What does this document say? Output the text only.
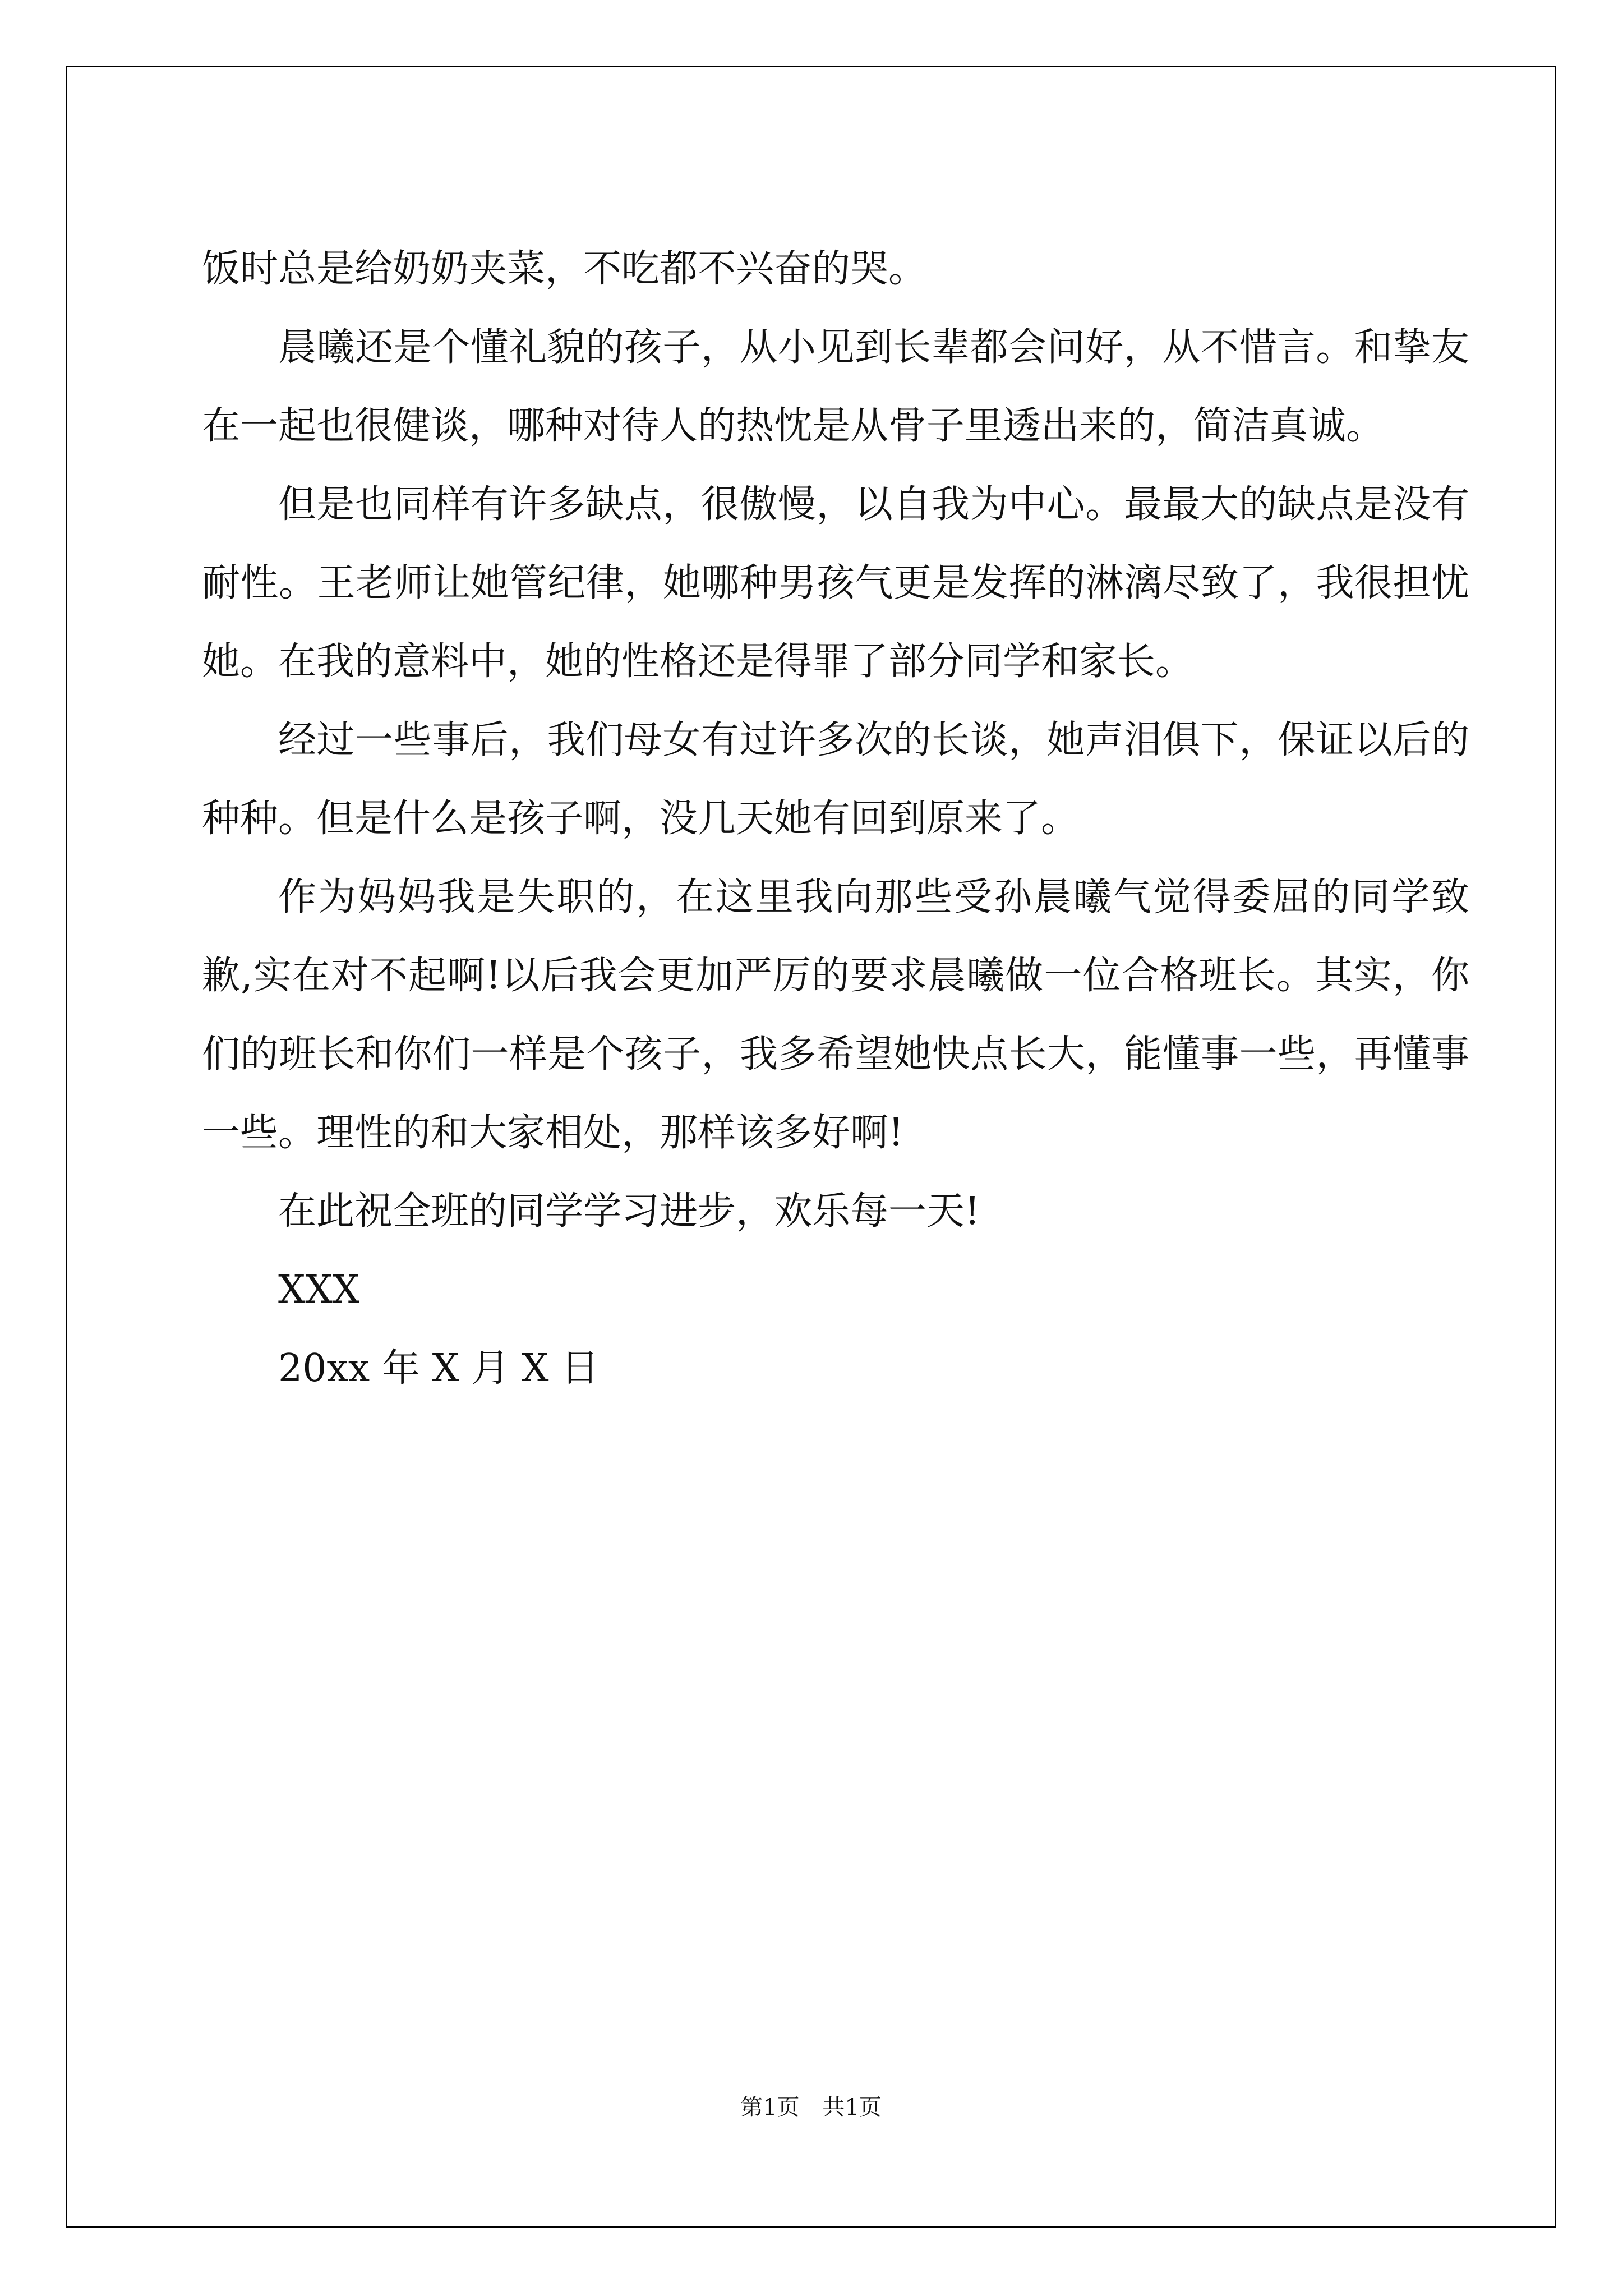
饭时总是给奶奶夹菜，不吃都不兴奋的哭。

晨曦还是个懂礼貌的孩子，从小见到长辈都会问好，从不惜言。和挚友在一起也很健谈，哪种对待人的热忱是从骨子里透出来的，简洁真诚。

但是也同样有许多缺点，很傲慢，以自我为中心。最最大的缺点是没有耐性。王老师让她管纪律，她哪种男孩气更是发挥的淋漓尽致了，我很担忧她。在我的意料中，她的性格还是得罪了部分同学和家长。

经过一些事后，我们母女有过许多次的长谈，她声泪俱下，保证以后的种种。但是什么是孩子啊，没几天她有回到原来了。

作为妈妈我是失职的，在这里我向那些受孙晨曦气觉得委屈的同学致歉,实在对不起啊!以后我会更加严厉的要求晨曦做一位合格班长。其实，你们的班长和你们一样是个孩子，我多希望她快点长大，能懂事一些，再懂事一些。理性的和大家相处，那样该多好啊!

在此祝全班的同学学习进步，欢乐每一天!

XXX

20xx 年 X 月 X 日

第1页 共1页
